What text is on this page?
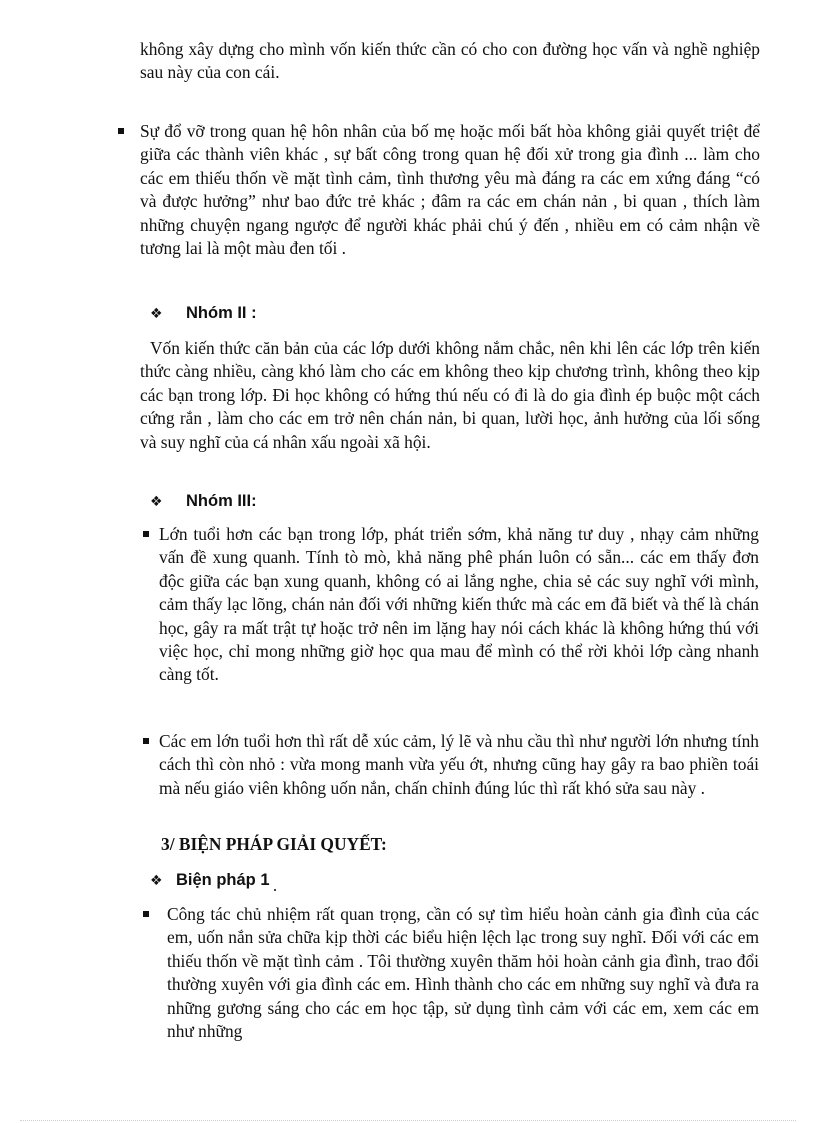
không xây dựng cho mình vốn kiến thức cần có cho con đường học vấn và nghề nghiệp sau này của con cái.

Sự đổ vỡ trong quan hệ hôn nhân của bố mẹ hoặc mối bất hòa không giải quyết triệt để giữa các thành viên khác , sự bất công trong quan hệ đối xử trong gia đình ... làm cho các em thiếu thốn về mặt tình cảm, tình thương yêu mà đáng ra các em xứng đáng “có và được hưởng” như bao đức trẻ khác ; đâm ra các em chán nản , bi quan , thích làm những chuyện ngang ngược để người khác phải chú ý đến , nhiều em có cảm nhận về tương lai là một màu đen tối .

❖ Nhóm II :

Vốn kiến thức căn bản của các lớp dưới không nắm chắc, nên khi lên các lớp trên kiến thức càng nhiều, càng khó làm cho các em không theo kịp chương trình, không theo kịp các bạn trong lớp. Đi học không có hứng thú nếu có đi là do gia đình ép buộc một cách cứng rắn , làm cho các em trở nên chán nản, bi quan, lười học, ảnh hưởng của lối sống và suy nghĩ của cá nhân xấu ngoài xã hội.

❖ Nhóm III:

Lớn tuổi hơn các bạn trong lớp, phát triển sớm, khả năng tư duy , nhạy cảm những vấn đề xung quanh. Tính tò mò, khả năng phê phán luôn có sẵn... các em thấy đơn độc giữa các bạn xung quanh, không có ai lắng nghe, chia sẻ các suy nghĩ với mình, cảm thấy lạc lõng, chán nản đối với những kiến thức mà các em đã biết và thế là chán học, gây ra mất trật tự hoặc trở nên im lặng hay nói cách khác là không hứng thú với việc học, chỉ mong những giờ học qua mau để mình có thể rời khỏi lớp càng nhanh càng tốt.

Các em lớn tuổi hơn thì rất dễ xúc cảm, lý lẽ và nhu cầu thì như người lớn nhưng tính cách thì còn nhỏ : vừa mong manh vừa yếu ớt, nhưng cũng hay gây ra bao phiền toái mà nếu giáo viên không uốn nắn, chấn chỉnh đúng lúc thì rất khó sửa sau này .

3/ BIỆN PHÁP GIẢI QUYẾT:
❖ Biện pháp 1

Công tác chủ nhiệm rất quan trọng, cần có sự tìm hiểu hoàn cảnh gia đình của các em, uốn nắn sửa chữa kịp thời các biểu hiện lệch lạc trong suy nghĩ. Đối với các em thiếu thốn về mặt tình cảm . Tôi thường xuyên thăm hỏi hoàn cảnh gia đình, trao đổi thường xuyên với gia đình các em. Hình thành cho các em những suy nghĩ và đưa ra những gương sáng cho các em học tập, sử dụng tình cảm với các em, xem các em như những
